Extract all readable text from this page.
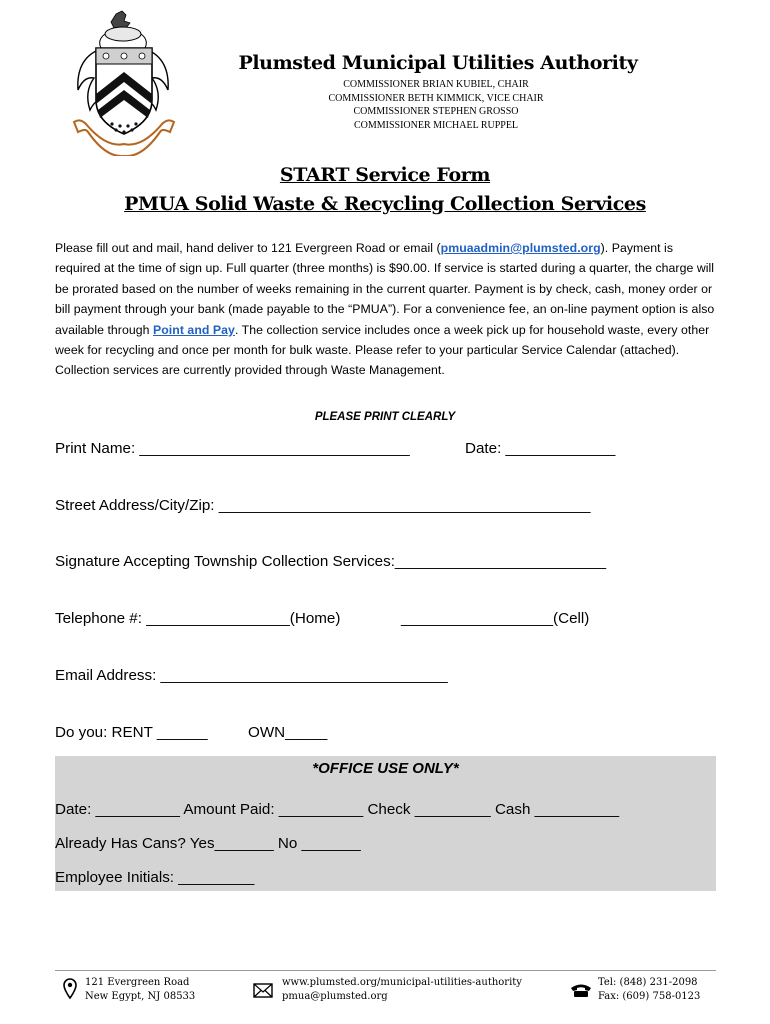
Plumsted Municipal Utilities Authority
COMMISSIONER BRIAN KUBIEL, CHAIR
COMMISSIONER BETH KIMMICK, VICE CHAIR
COMMISSIONER STEPHEN GROSSO
COMMISSIONER MICHAEL RUPPEL
START Service Form
PMUA Solid Waste & Recycling Collection Services
Please fill out and mail, hand deliver to 121 Evergreen Road or email (pmuaadmin@plumsted.org). Payment is required at the time of sign up. Full quarter (three months) is $90.00. If service is started during a quarter, the charge will be prorated based on the number of weeks remaining in the current quarter. Payment is by check, cash, money order or bill payment through your bank (made payable to the “PMUA”). For a convenience fee, an on-line payment option is also available through Point and Pay. The collection service includes once a week pick up for household waste, every other week for recycling and once per month for bulk waste. Please refer to your particular Service Calendar (attached). Collection services are currently provided through Waste Management.
PLEASE PRINT CLEARLY
Print Name: ________________________________	Date: _____________
Street Address/City/Zip: ____________________________________________
Signature Accepting Township Collection Services:_________________________
Telephone #: _________________(Home)	__________________(Cell)
Email Address: __________________________________
Do you: RENT ______	OWN_____
*OFFICE USE ONLY*
Date: __________ Amount Paid: __________ Check _________ Cash __________
Already Has Cans? Yes_______ No _______
Employee Initials: _________
121 Evergreen Road
New Egypt, NJ 08533
www.plumsted.org/municipal-utilities-authority
pmua@plumsted.org
Tel: (848) 231-2098
Fax: (609) 758-0123
